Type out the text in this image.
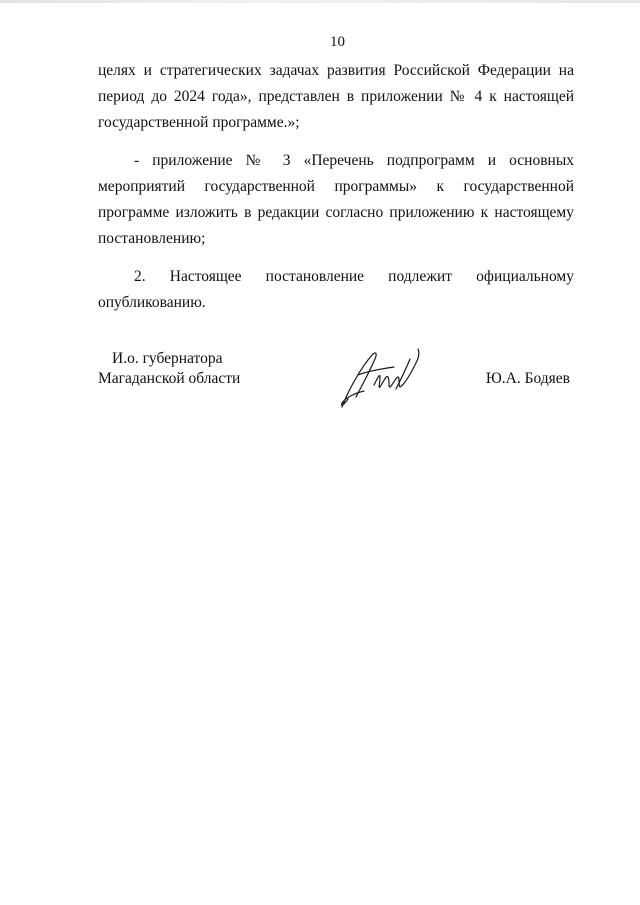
10

целях и стратегических задачах развития Российской Федерации на период до 2024 года», представлен в приложении № 4 к настоящей государственной программе.»;

- приложение № 3 «Перечень подпрограмм и основных мероприятий государственной программы» к государственной программе изложить в редакции согласно приложению к настоящему постановлению;

2. Настоящее постановление подлежит официальному опубликованию.

И.о. губернатора
Магаданской области	Ю.А. Бодяев
